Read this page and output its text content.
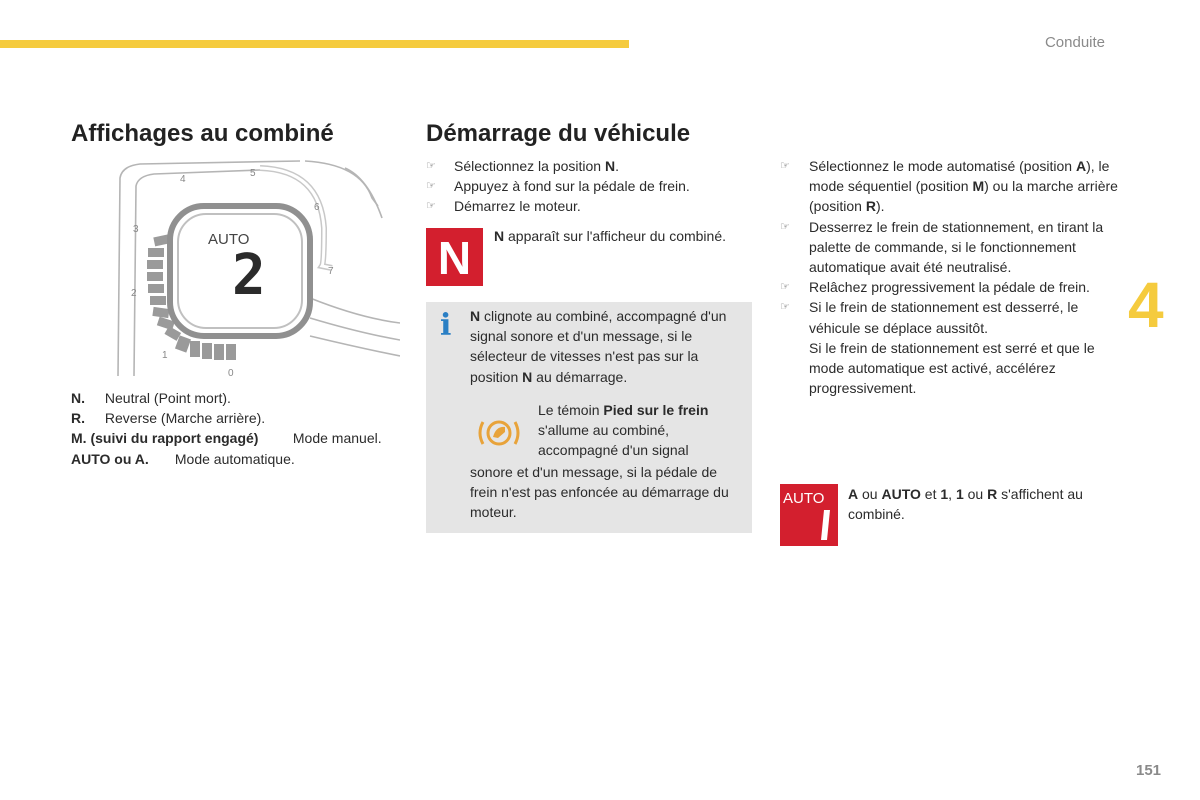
Conduite
4
151
Affichages au combiné	Démarrage du véhicule
AUTO
2
0
1
2
3
4
5
6
7
N. Neutral (Point mort).
R. Reverse (Marche arrière).
M. (suivi du rapport engagé) Mode manuel.
AUTO ou A. Mode automatique.
☞	Sélectionnez la position N.
☞	Appuyez à fond sur la pédale de frein.
☞	Démarrez le moteur.
N	N apparaît sur l'afficheur du combiné.
i N clignote au combiné, accompagné d'un signal sonore et d'un message, si le sélecteur de vitesses n'est pas sur la position N au démarrage.
Le témoin Pied sur le frein s'allume au combiné, accompagné d'un signal
sonore et d'un message, si la pédale de frein n'est pas enfoncée au démarrage du moteur.
☞	Sélectionnez le mode automatisé (position A), le mode séquentiel (position M) ou la marche arrière (position R).
☞	Desserrez le frein de stationnement, en tirant la palette de commande, si le fonctionnement automatique avait été neutralisé.
☞	Relâchez progressivement la pédale de frein.
☞	Si le frein de stationnement est desserré, le véhicule se déplace aussitôt.
Si le frein de stationnement est serré et que le mode automatique est activé, accélérez progressivement.
AUTO A ou AUTO et 1, 1 ou R s'affichent au combiné.
